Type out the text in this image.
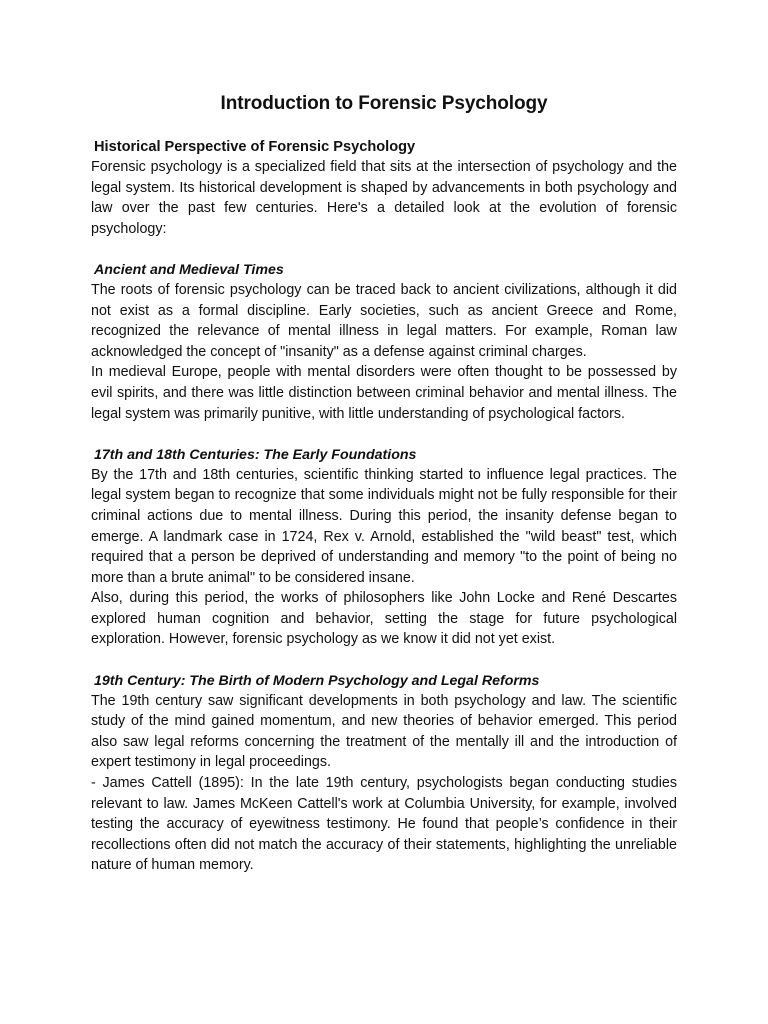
Introduction to Forensic Psychology
Historical Perspective of Forensic Psychology

Forensic psychology is a specialized field that sits at the intersection of psychology and the legal system. Its historical development is shaped by advancements in both psychology and law over the past few centuries. Here's a detailed look at the evolution of forensic psychology:

Ancient and Medieval Times

The roots of forensic psychology can be traced back to ancient civilizations, although it did not exist as a formal discipline. Early societies, such as ancient Greece and Rome, recognized the relevance of mental illness in legal matters. For example, Roman law acknowledged the concept of "insanity" as a defense against criminal charges.

In medieval Europe, people with mental disorders were often thought to be possessed by evil spirits, and there was little distinction between criminal behavior and mental illness. The legal system was primarily punitive, with little understanding of psychological factors.

17th and 18th Centuries: The Early Foundations

By the 17th and 18th centuries, scientific thinking started to influence legal practices. The legal system began to recognize that some individuals might not be fully responsible for their criminal actions due to mental illness. During this period, the insanity defense began to emerge. A landmark case in 1724, Rex v. Arnold, established the "wild beast" test, which required that a person be deprived of understanding and memory "to the point of being no more than a brute animal" to be considered insane.

Also, during this period, the works of philosophers like John Locke and René Descartes explored human cognition and behavior, setting the stage for future psychological exploration. However, forensic psychology as we know it did not yet exist.

19th Century: The Birth of Modern Psychology and Legal Reforms

The 19th century saw significant developments in both psychology and law. The scientific study of the mind gained momentum, and new theories of behavior emerged. This period also saw legal reforms concerning the treatment of the mentally ill and the introduction of expert testimony in legal proceedings.

- James Cattell (1895): In the late 19th century, psychologists began conducting studies relevant to law. James McKeen Cattell's work at Columbia University, for example, involved testing the accuracy of eyewitness testimony. He found that people’s confidence in their recollections often did not match the accuracy of their statements, highlighting the unreliable nature of human memory.
